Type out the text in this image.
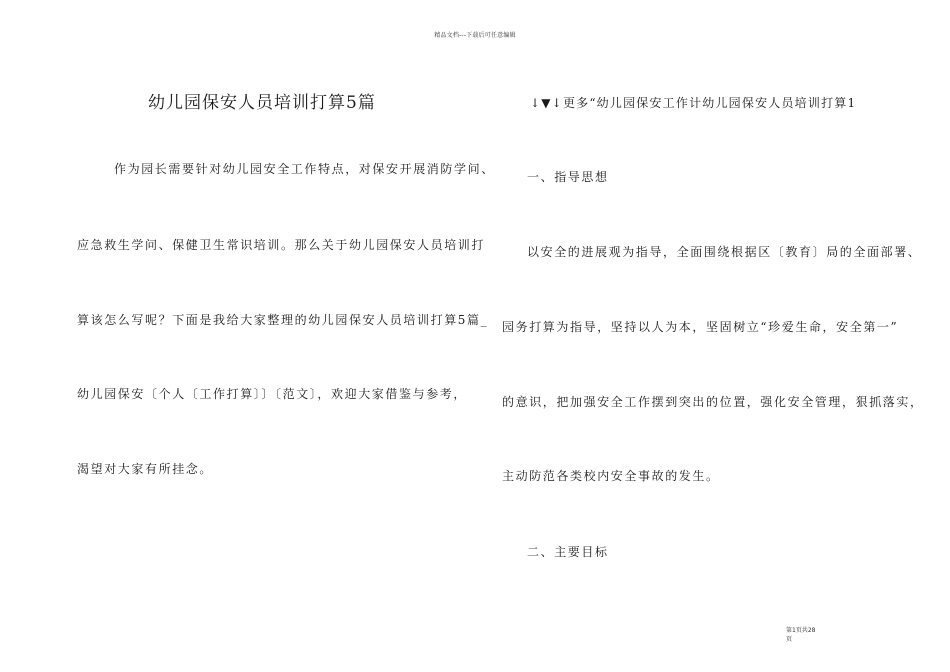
精品文档---下载后可任意编辑
幼儿园保安人员培训打算5篇
作为园长需要针对幼儿园安全工作特点，对保安开展消防学问、
应急救生学问、保健卫生常识培训。那么关于幼儿园保安人员培训打
算该怎么写呢？下面是我给大家整理的幼儿园保安人员培训打算5篇_
幼儿园保安〔个人〔工作打算〕〕〔范文〕，欢迎大家借鉴与参考，
渴望对大家有所挂念。
↓▼↓更多“幼儿园保安工作计幼儿园保安人员培训打算1
一、指导思想
以安全的进展观为指导，全面围绕根据区〔教育〕局的全面部署、
园务打算为指导，坚持以人为本，坚固树立“珍爱生命，安全第一”
的意识，把加强安全工作摆到突出的位置，强化安全管理，狠抓落实，
主动防范各类校内安全事故的发生。
二、主要目标
第1页共28
页
